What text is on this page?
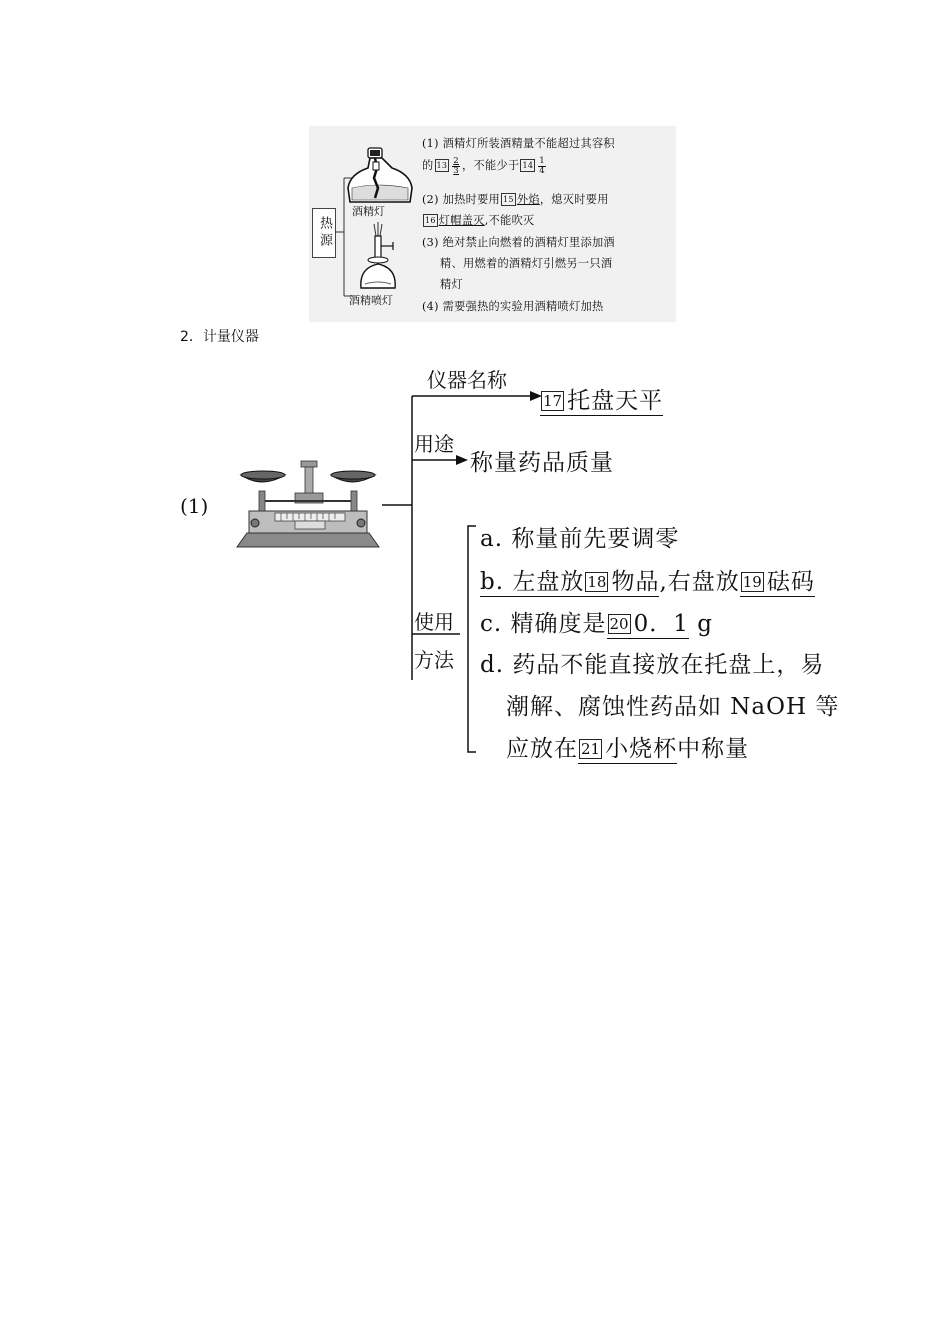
热源
酒精灯
酒精喷灯
(1) 酒精灯所装酒精量不能超过其容积
的 $13 \frac{2}{3}$ ，不能少于 $14 \frac{1}{4}$
(2) 加热时要用 15 外焰，熄灭时要用
16 灯帽盖灭,不能吹灭
(3) 绝对禁止向燃着的酒精灯里添加酒
精、用燃着的酒精灯引燃另一只酒
精灯
(4) 需要强热的实验用酒精喷灯加热
2．计量仪器
(1)
仪器名称
17 托盘天平
用途
称量药品质量
使用
方法
a. 称量前先要调零
b. 左盘放 18 物品,右盘放 19 砝码
c. 精确度是 20 0．1 g
d. 药品不能直接放在托盘上，易
潮解、腐蚀性药品如 NaOH 等
应放在 21 小烧杯中称量
